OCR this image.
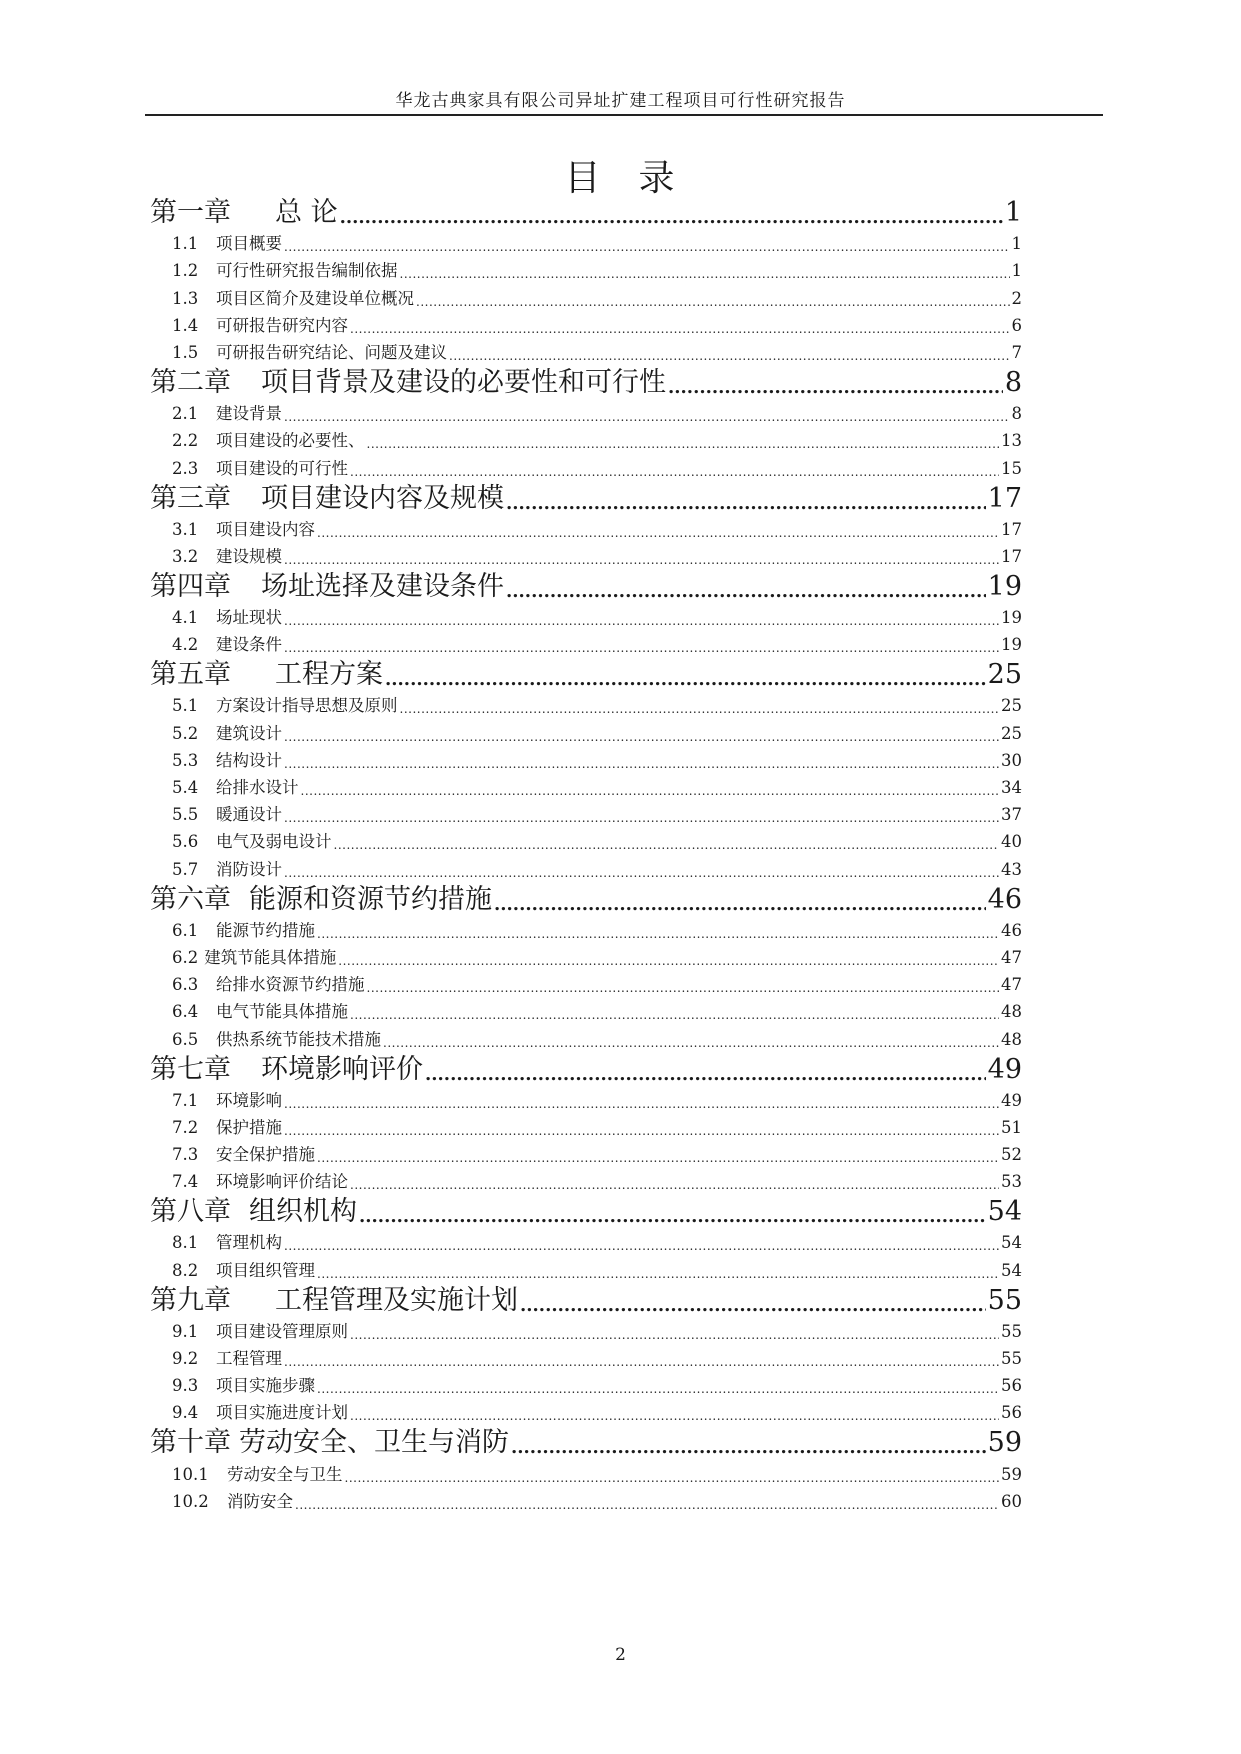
华龙古典家具有限公司异址扩建工程项目可行性研究报告
目 录
第一章 总 论 .....	1
1.1 项目概要 .....	1
1.2 可行性研究报告编制依据 .....	1
1.3 项目区简介及建设单位概况 .....	2
1.4 可研报告研究内容 .....	6
1.5 可研报告研究结论、问题及建议 .....	7
第二章 项目背景及建设的必要性和可行性 .....	8
2.1 建设背景 .....	8
2.2 项目建设的必要性、 .....	13
2.3 项目建设的可行性 .....	15
第三章 项目建设内容及规模 .....	17
3.1 项目建设内容 .....	17
3.2 建设规模 .....	17
第四章 场址选择及建设条件 .....	19
4.1 场址现状 .....	19
4.2 建设条件 .....	19
第五章 工程方案 .....	25
5.1 方案设计指导思想及原则 .....	25
5.2 建筑设计 .....	25
5.3 结构设计 .....	30
5.4 给排水设计 .....	34
5.5 暖通设计 .....	37
5.6 电气及弱电设计 .....	40
5.7 消防设计 .....	43
第六章 能源和资源节约措施 .....	46
6.1 能源节约措施 .....	46
6.2 建筑节能具体措施 .....	47
6.3 给排水资源节约措施 .....	47
6.4 电气节能具体措施 .....	48
6.5 供热系统节能技术措施 .....	48
第七章 环境影响评价 .....	49
7.1 环境影响 .....	49
7.2 保护措施 .....	51
7.3 安全保护措施 .....	52
7.4 环境影响评价结论 .....	53
第八章 组织机构 .....	54
8.1 管理机构 .....	54
8.2 项目组织管理 .....	54
第九章 工程管理及实施计划 .....	55
9.1 项目建设管理原则 .....	55
9.2 工程管理 .....	55
9.3 项目实施步骤 .....	56
9.4 项目实施进度计划 .....	56
第十章 劳动安全、卫生与消防 .....	59
10.1 劳动安全与卫生 .....	59
10.2 消防安全 .....	60
2
